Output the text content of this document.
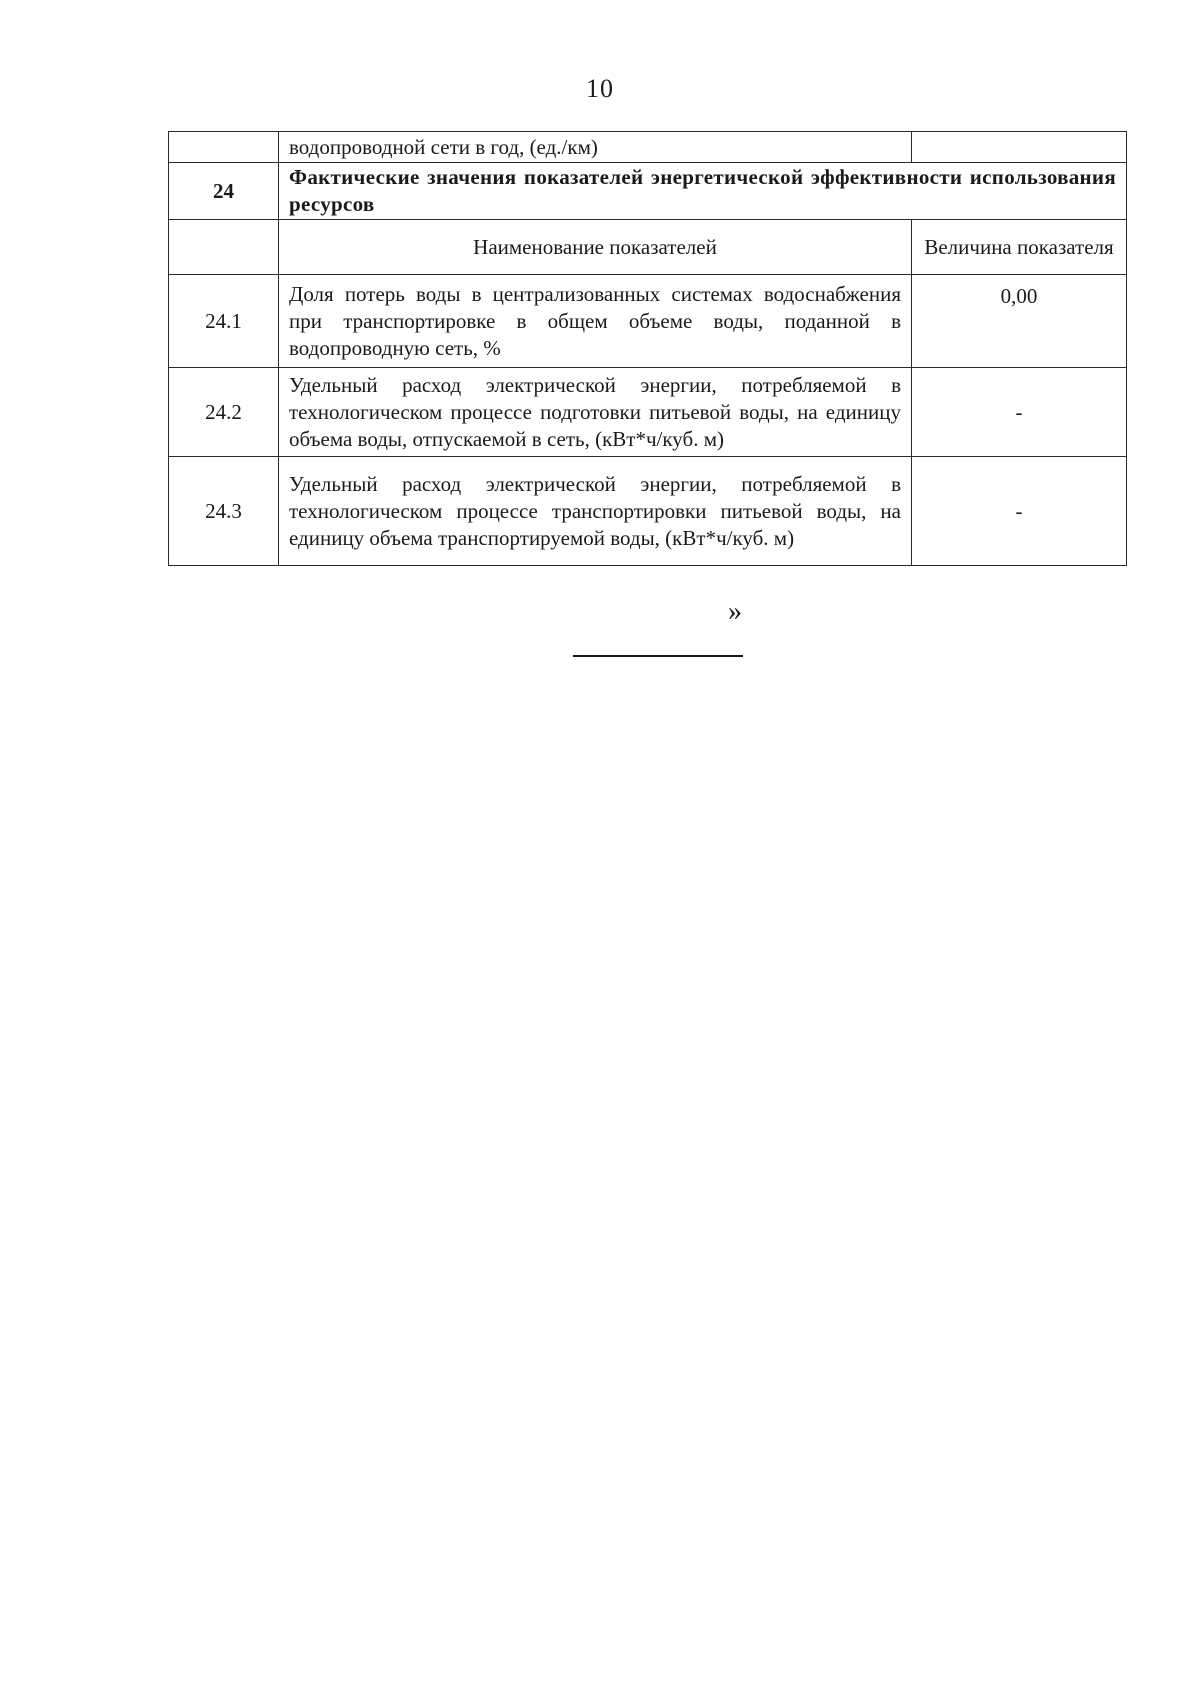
10
	водопроводной сети в год, (ед./км)	
24	Фактические значения показателей энергетической эффективности использования ресурсов	
	Наименование показателей	Величина показателя
24.1	Доля потерь воды в централизованных системах водоснабжения при транспортировке в общем объеме воды, поданной в водопроводную сеть, %	0,00
24.2	Удельный расход электрической энергии, потребляемой в технологическом процессе подготовки питьевой воды, на единицу объема воды, отпускаемой в сеть, (кВт*ч/куб. м)	-
24.3	Удельный расход электрической энергии, потребляемой в технологическом процессе транспортировки питьевой воды, на единицу объема транспортируемой воды, (кВт*ч/куб. м)	-
»
